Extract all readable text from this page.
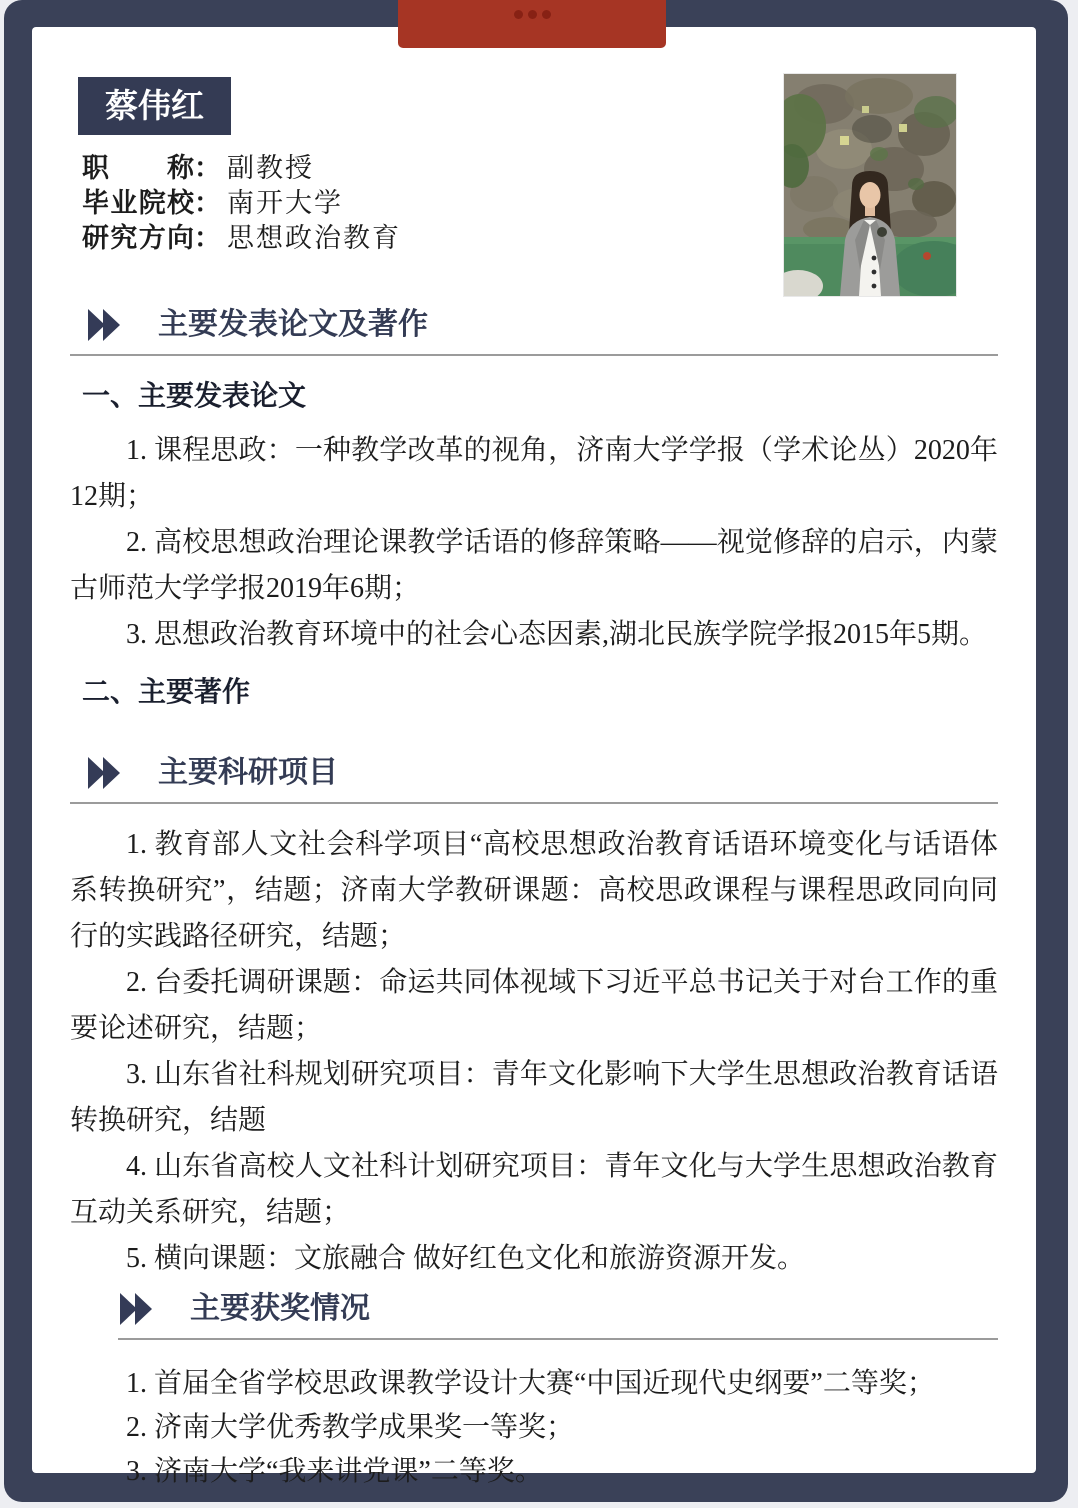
蔡伟红
职称： 副教授
毕业院校： 南开大学
研究方向： 思想政治教育
主要发表论文及著作
一、主要发表论文

1. 课程思政：一种教学改革的视角，济南大学学报（学术论丛）2020年12期；

2. 高校思想政治理论课教学话语的修辞策略——视觉修辞的启示，内蒙古师范大学学报2019年6期；

3. 思想政治教育环境中的社会心态因素,湖北民族学院学报2015年5期。

二、主要著作
主要科研项目

1. 教育部人文社会科学项目“高校思想政治教育话语环境变化与话语体系转换研究”，结题；济南大学教研课题：高校思政课程与课程思政同向同行的实践路径研究，结题；

2. 台委托调研课题：命运共同体视域下习近平总书记关于对台工作的重要论述研究，结题；

3. 山东省社科规划研究项目：青年文化影响下大学生思想政治教育话语转换研究，结题

4. 山东省高校人文社科计划研究项目：青年文化与大学生思想政治教育互动关系研究，结题；

5. 横向课题：文旅融合 做好红色文化和旅游资源开发。

主要获奖情况

1. 首届全省学校思政课教学设计大赛“中国近现代史纲要”二等奖；

2. 济南大学优秀教学成果奖一等奖；

3. 济南大学“我来讲党课”二等奖。
